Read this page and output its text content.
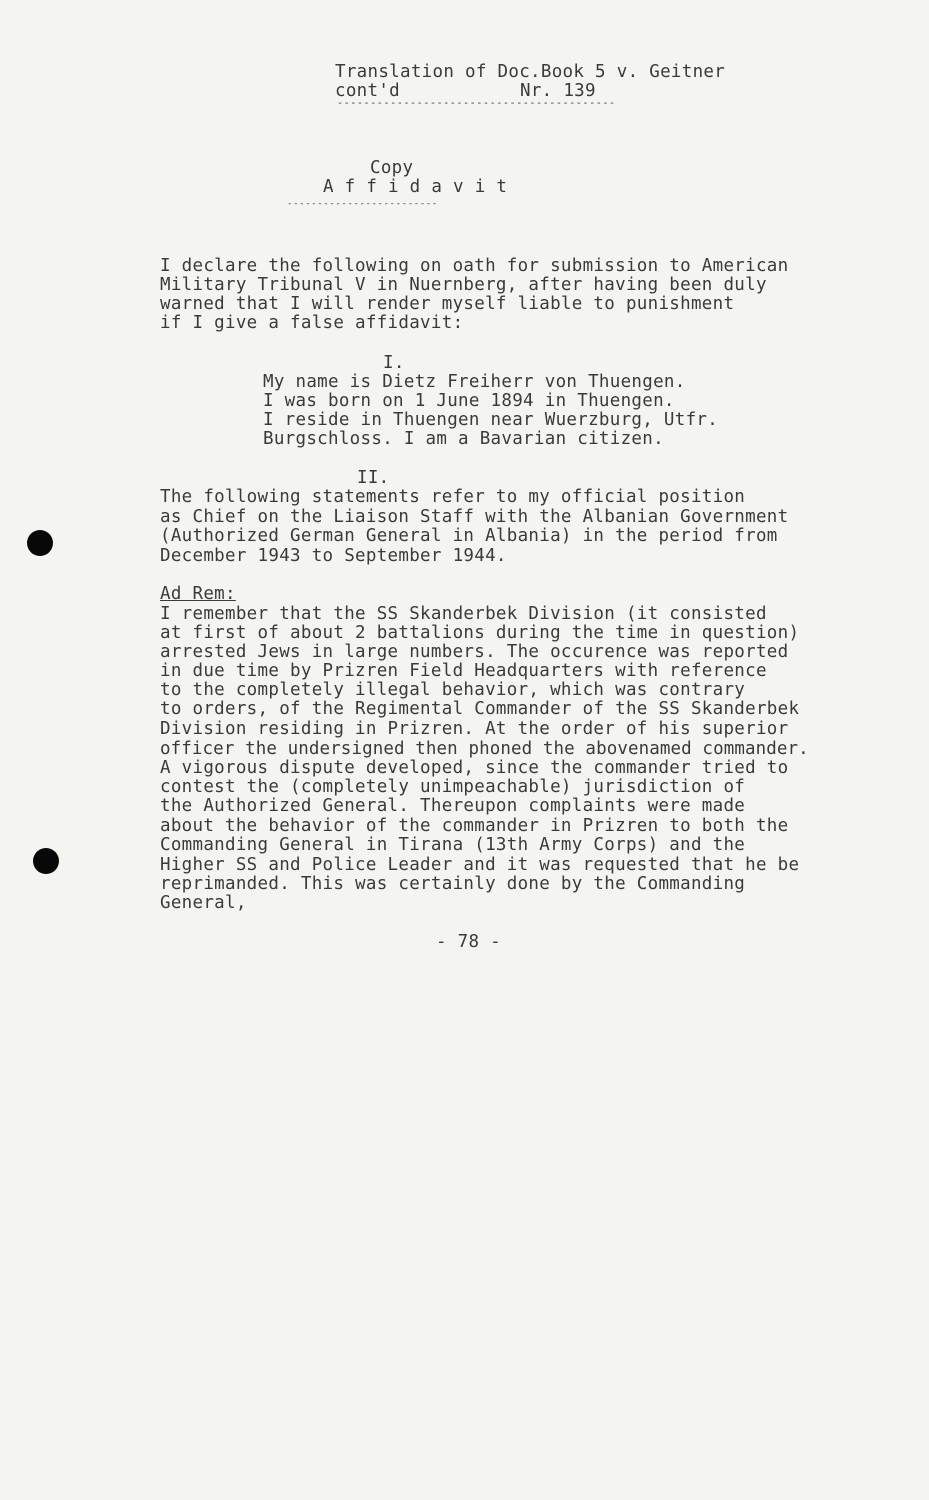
Translation of Doc.Book 5 v. Geitner
cont'd	Nr. 139
------------------------------------------
Copy
A f f i d a v i t
-------------------------
I declare the following on oath for submission to American
Military Tribunal V in Nuernberg, after having been duly
warned that I will render myself liable to punishment
if I give a false affidavit:
I.
My name is Dietz Freiherr von Thuengen.
I was born on 1 June 1894 in Thuengen.
I reside in Thuengen near Wuerzburg, Utfr.
Burgschloss. I am a Bavarian citizen.
II.
The following statements refer to my official position
as Chief on the Liaison Staff with the Albanian Government
(Authorized German General in Albania) in the period from
December 1943 to September 1944.
Ad Rem:
I remember that the SS Skanderbek Division (it consisted
at first of about 2 battalions during the time in question)
arrested Jews in large numbers. The occurence was reported
in due time by Prizren Field Headquarters with reference
to the completely illegal behavior, which was contrary
to orders, of the Regimental Commander of the SS Skanderbek
Division residing in Prizren. At the order of his superior
officer the undersigned then phoned the abovenamed commander.
A vigorous dispute developed, since the commander tried to
contest the (completely unimpeachable) jurisdiction of
the Authorized General. Thereupon complaints were made
about the behavior of the commander in Prizren to both the
Commanding General in Tirana (13th Army Corps) and the
Higher SS and Police Leader and it was requested that he be
reprimanded. This was certainly done by the Commanding
General,
- 78 -
